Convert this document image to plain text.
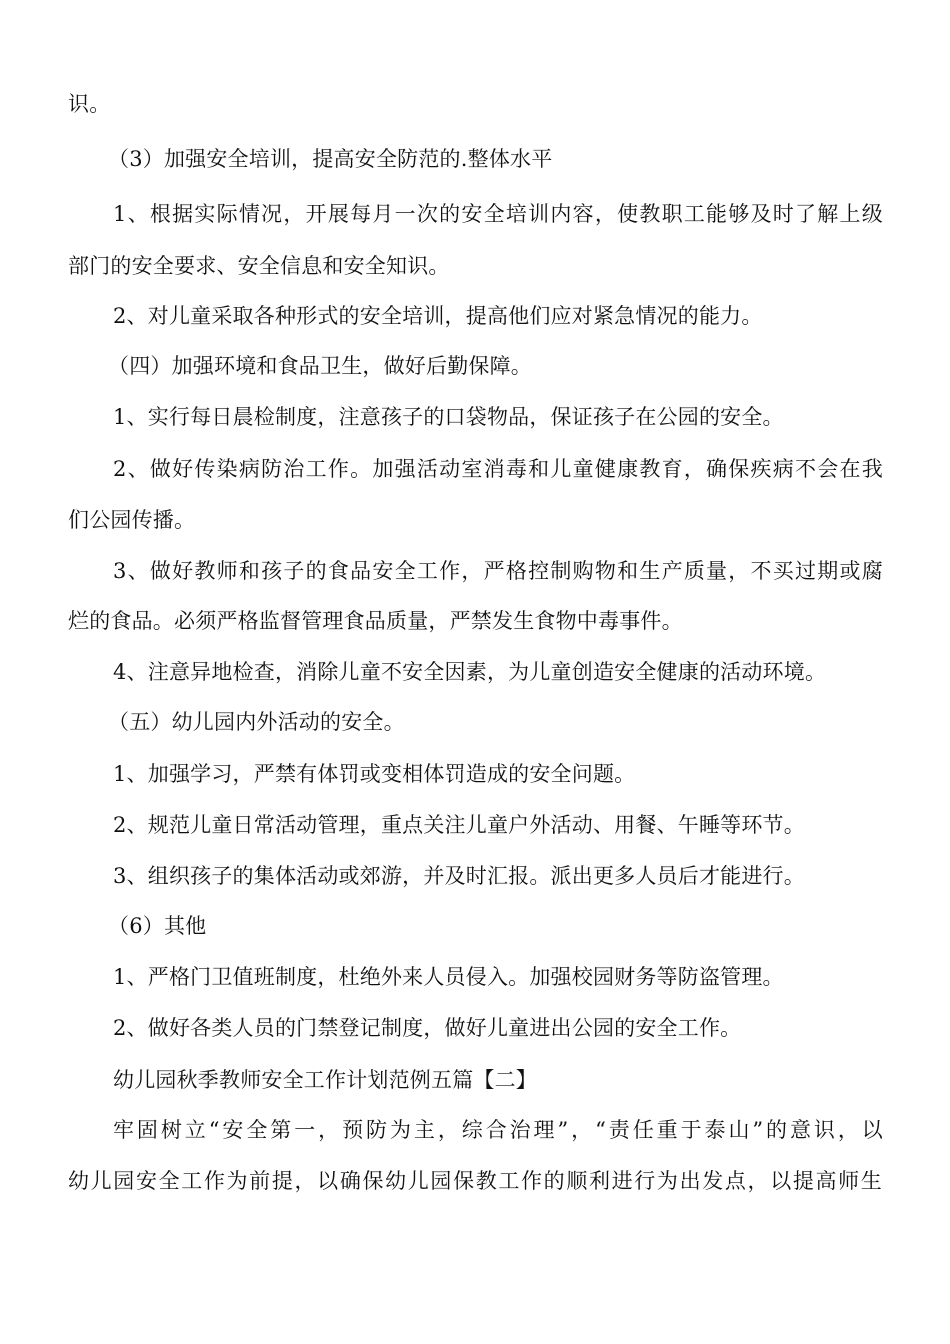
识。
（3）加强安全培训，提高安全防范的.整体水平
1、根据实际情况，开展每月一次的安全培训内容，使教职工能够及时了解上级
部门的安全要求、安全信息和安全知识。
2、对儿童采取各种形式的安全培训，提高他们应对紧急情况的能力。
（四）加强环境和食品卫生，做好后勤保障。
1、实行每日晨检制度，注意孩子的口袋物品，保证孩子在公园的安全。
2、做好传染病防治工作。加强活动室消毒和儿童健康教育，确保疾病不会在我
们公园传播。
3、做好教师和孩子的食品安全工作，严格控制购物和生产质量，不买过期或腐
烂的食品。必须严格监督管理食品质量，严禁发生食物中毒事件。
4、注意异地检查，消除儿童不安全因素，为儿童创造安全健康的活动环境。
（五）幼儿园内外活动的安全。
1、加强学习，严禁有体罚或变相体罚造成的安全问题。
2、规范儿童日常活动管理，重点关注儿童户外活动、用餐、午睡等环节。
3、组织孩子的集体活动或郊游，并及时汇报。派出更多人员后才能进行。
（6）其他
1、严格门卫值班制度，杜绝外来人员侵入。加强校园财务等防盗管理。
2、做好各类人员的门禁登记制度，做好儿童进出公园的安全工作。
幼儿园秋季教师安全工作计划范例五篇【二】
牢固树立“安全第一，预防为主，综合治理”，“责任重于泰山”的意识，以
幼儿园安全工作为前提，以确保幼儿园保教工作的顺利进行为出发点，以提高师生
